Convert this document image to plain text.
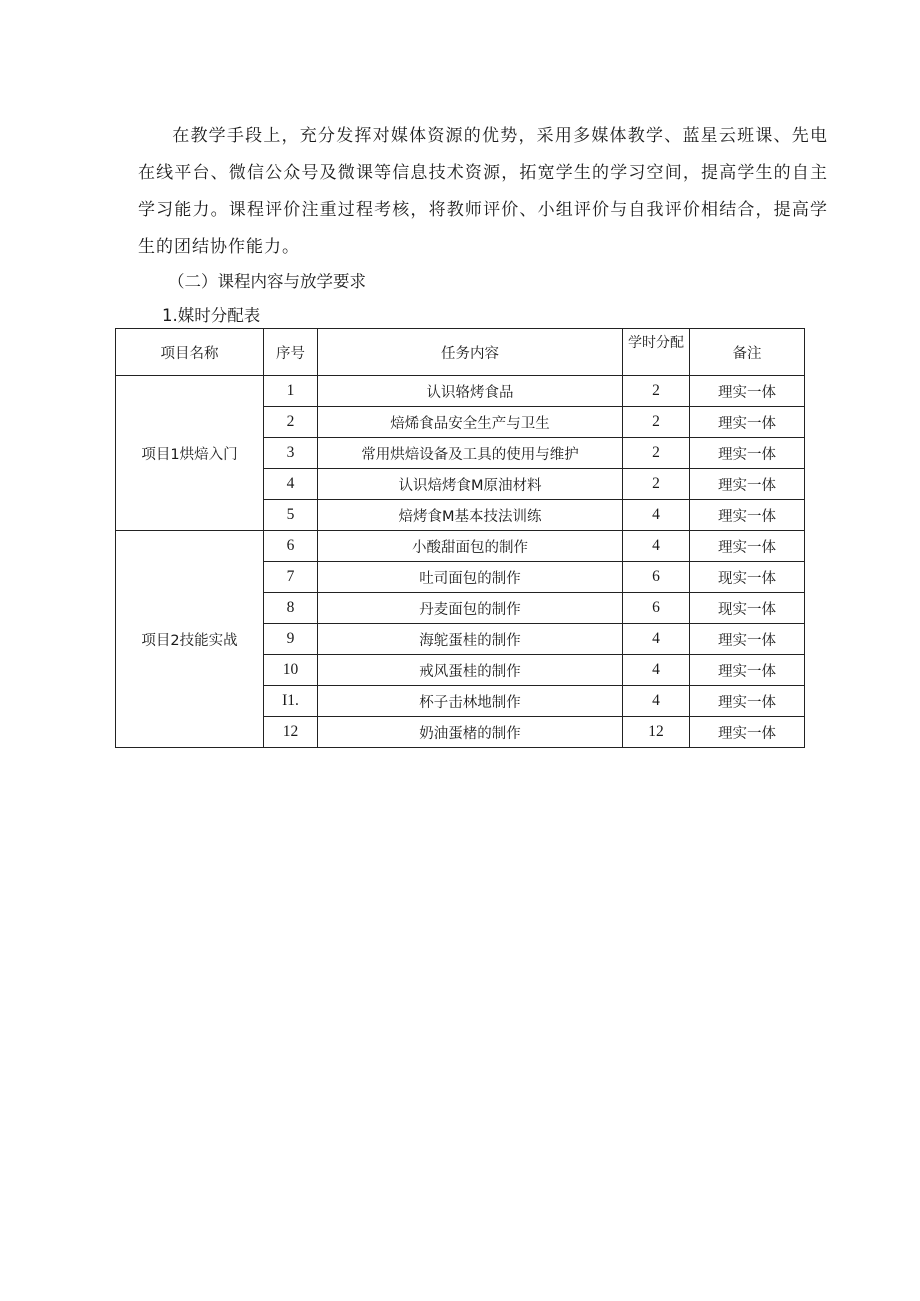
在教学手段上，充分发挥对媒体资源的优势，采用多媒体教学、蓝星云班课、先电在线平台、微信公众号及微课等信息技术资源，拓宽学生的学习空间，提高学生的自主学习能力。课程评价注重过程考核，将教师评价、小组评价与自我评价相结合，提高学生的团结协作能力。

（二）课程内容与放学要求

1.媒时分配表

项目名称	序号	任务内容	学时分配	备注
项目1烘焙入门	1	认识辂烤食品	2	理实一体
	2	焙烯食品安全生产与卫生	2	理实一体
	3	常用烘焙设备及工具的使用与维护	2	理实一体
	4	认识焙烤食M原油材料	2	理实一体
	5	焙烤食M基本技法训练	4	理实一体
项目2技能实战	6	小酸甜面包的制作	4	理实一体
	7	吐司面包的制作	6	现实一体
	8	丹麦面包的制作	6	现实一体
	9	海鸵蛋桂的制作	4	理实一体
	10	戒风蛋桂的制作	4	理实一体
	I1.	杯子击林地制作	4	理实一体
	12	奶油蛋楮的制作	12	理实一体
